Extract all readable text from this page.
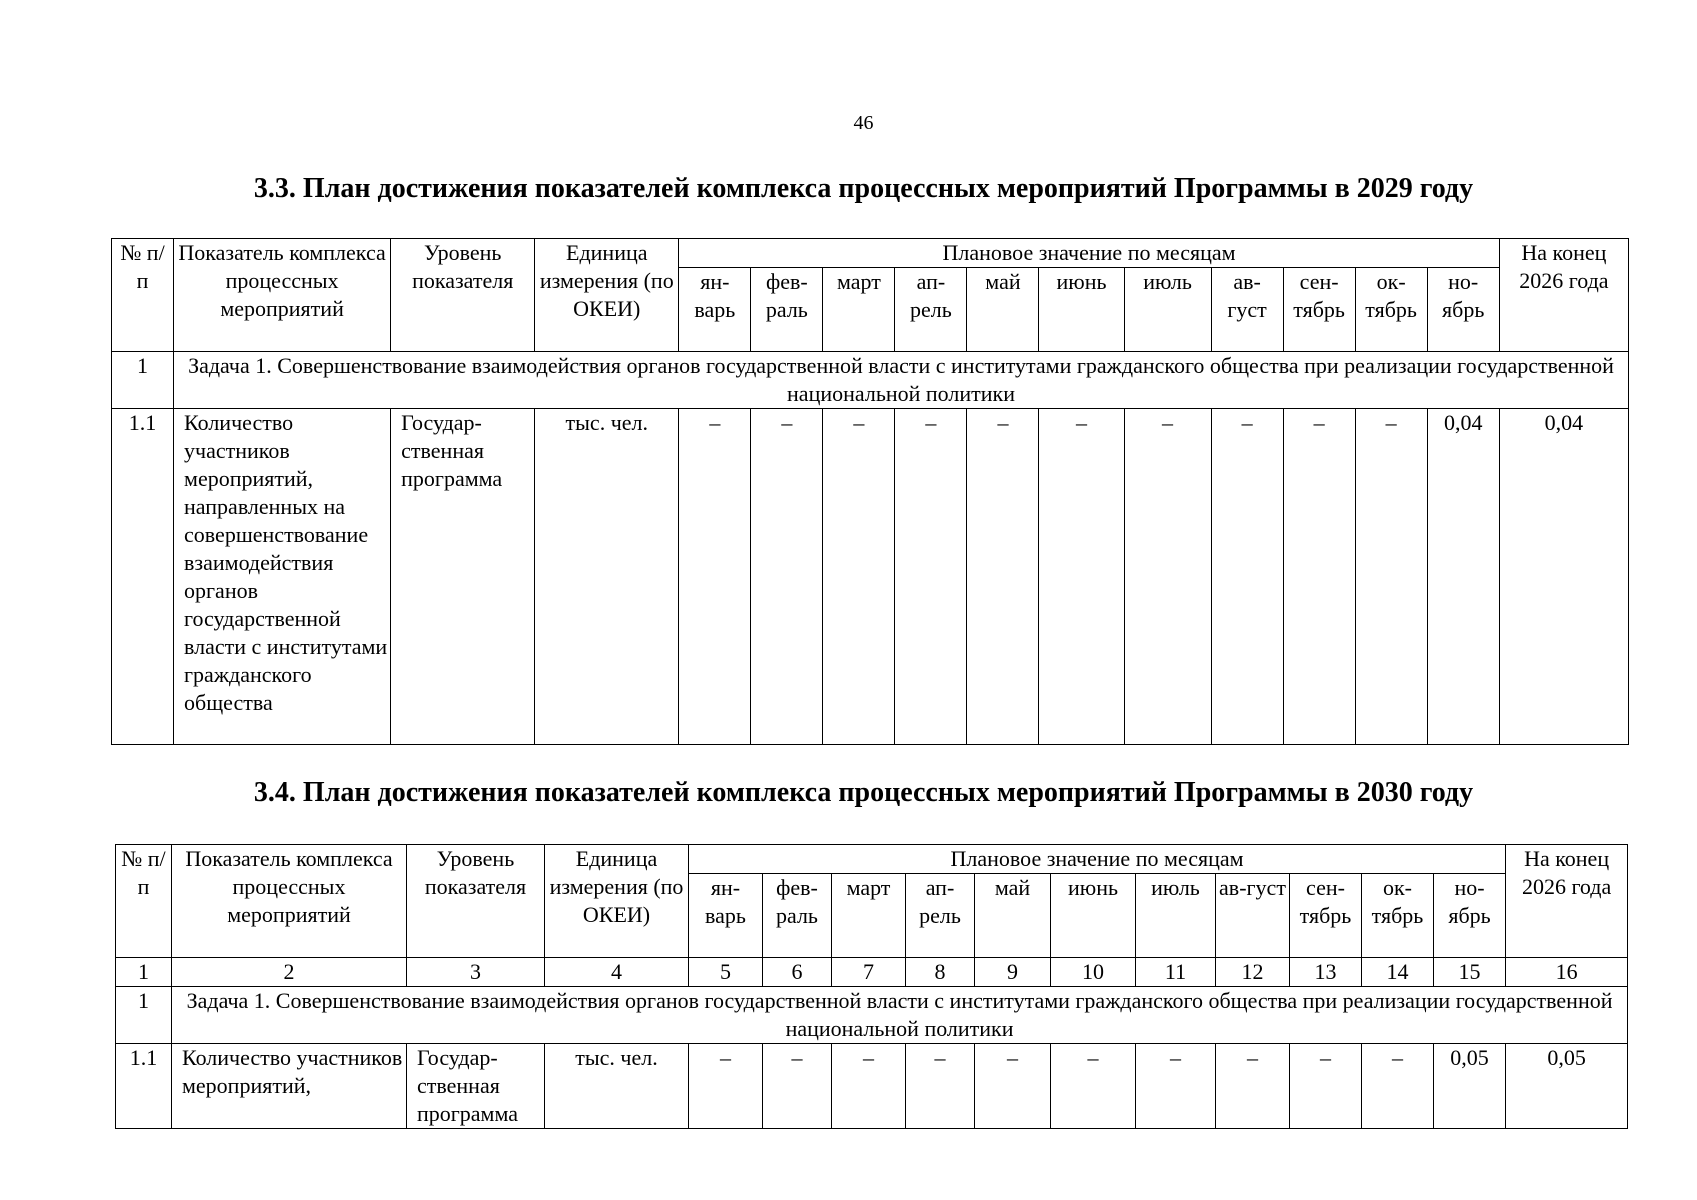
46
3.3. План достижения показателей комплекса процессных мероприятий Программы в 2029 году
№ п/п	Показатель комплекса процессных мероприятий	Уровень показателя	Единица измерения (по ОКЕИ)	Плановое значение по месяцам											На конец 2026 года
				ян-варь	фев-раль	март	ап-рель	май	июнь	июль	ав-густ	сен-тябрь	ок-тябрь	но-ябрь	
1	Задача 1. Совершенствование взаимодействия органов государственной власти с институтами гражданского общества при реализации государственной национальной политики														
1.1	Количество участников мероприятий, направленных на совершенствование взаимодействия органов государственной власти с институтами гражданского общества	Государ-ственная программа	тыс. чел.	–	–	–	–	–	–	–	–	–	–	0,04	0,04
3.4. План достижения показателей комплекса процессных мероприятий Программы в 2030 году
№ п/п	Показатель комплекса процессных мероприятий	Уровень показателя	Единица измерения (по ОКЕИ)	Плановое значение по месяцам											На конец 2026 года
				ян-варь	фев-раль	март	ап-рель	май	июнь	июль	ав-густ	сен-тябрь	ок-тябрь	но-ябрь	
1	2	3	4	5	6	7	8	9	10	11	12	13	14	15	16
1	Задача 1. Совершенствование взаимодействия органов государственной власти с институтами гражданского общества при реализации государственной национальной политики														
1.1	Количество участников мероприятий,	Государ-ственная программа	тыс. чел.	–	–	–	–	–	–	–	–	–	–	0,05	0,05
